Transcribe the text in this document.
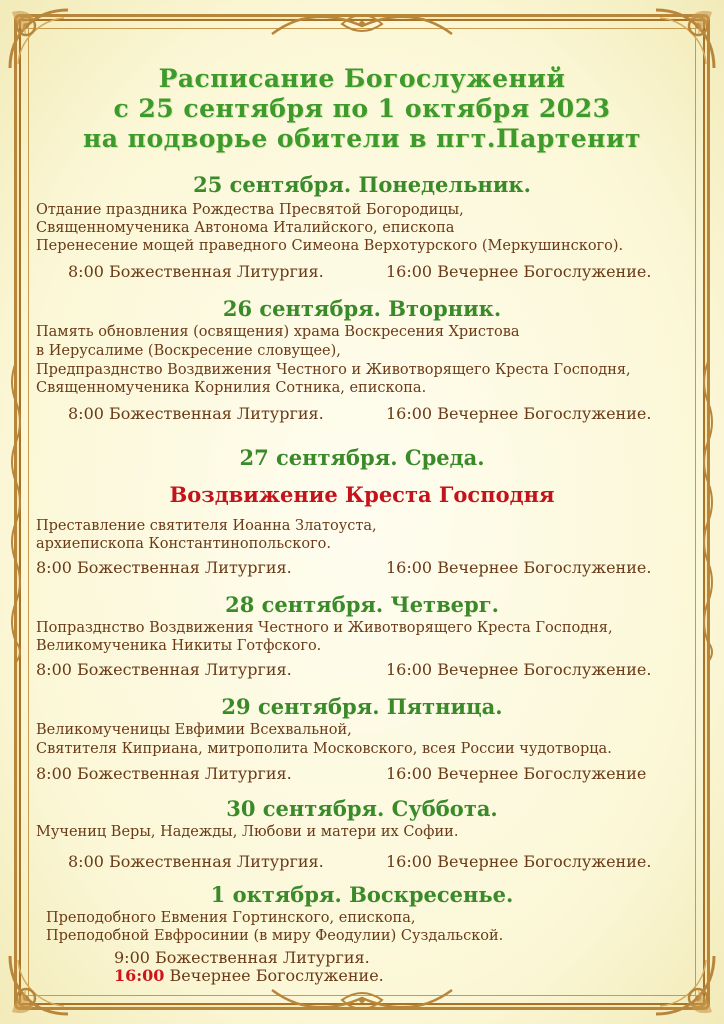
Расписание Богослужений
с 25 сентября по 1 октября 2023
на подворье обители в пгт.Партенит
25 сентября. Понедельник.
Отдание праздника Рождества Пресвятой Богородицы,
Священномученика Автонома Италийского, епископа
Перенесение мощей праведного Симеона Верхотурского (Меркушинского).
8:00 Божественная Литургия.	16:00 Вечернее Богослужение.
26 сентября. Вторник.
Память обновления (освящения) храма Воскресения Христова
в Иерусалиме (Воскресение словущее),
Предпразднство Воздвижения Честного и Животворящего Креста Господня,
Священномученика Корнилия Сотника, епископа.
8:00 Божественная Литургия.	16:00 Вечернее Богослужение.
27 сентября. Среда.
Воздвижение Креста Господня
Преставление святителя Иоанна Златоуста,
архиепископа Константинопольского.
8:00 Божественная Литургия.	16:00 Вечернее Богослужение.
28 сентября. Четверг.
Попразднство Воздвижения Честного и Животворящего Креста Господня,
Великомученика Никиты Готфского.
8:00 Божественная Литургия.	16:00 Вечернее Богослужение.
29 сентября. Пятница.
Великомученицы Евфимии Всехвальной,
Святителя Киприана, митрополита Московского, всея России чудотворца.
8:00 Божественная Литургия.	16:00 Вечернее Богослужение
30 сентября. Суббота.
Мучениц Веры, Надежды, Любови и матери их Софии.
8:00 Божественная Литургия.	16:00 Вечернее Богослужение.
1 октября. Воскресенье.
Преподобного Евмения Гортинского, епископа,
Преподобной Евфросинии (в миру Феодулии) Суздальской.
9:00 Божественная Литургия.
16:00 Вечернее Богослужение.
